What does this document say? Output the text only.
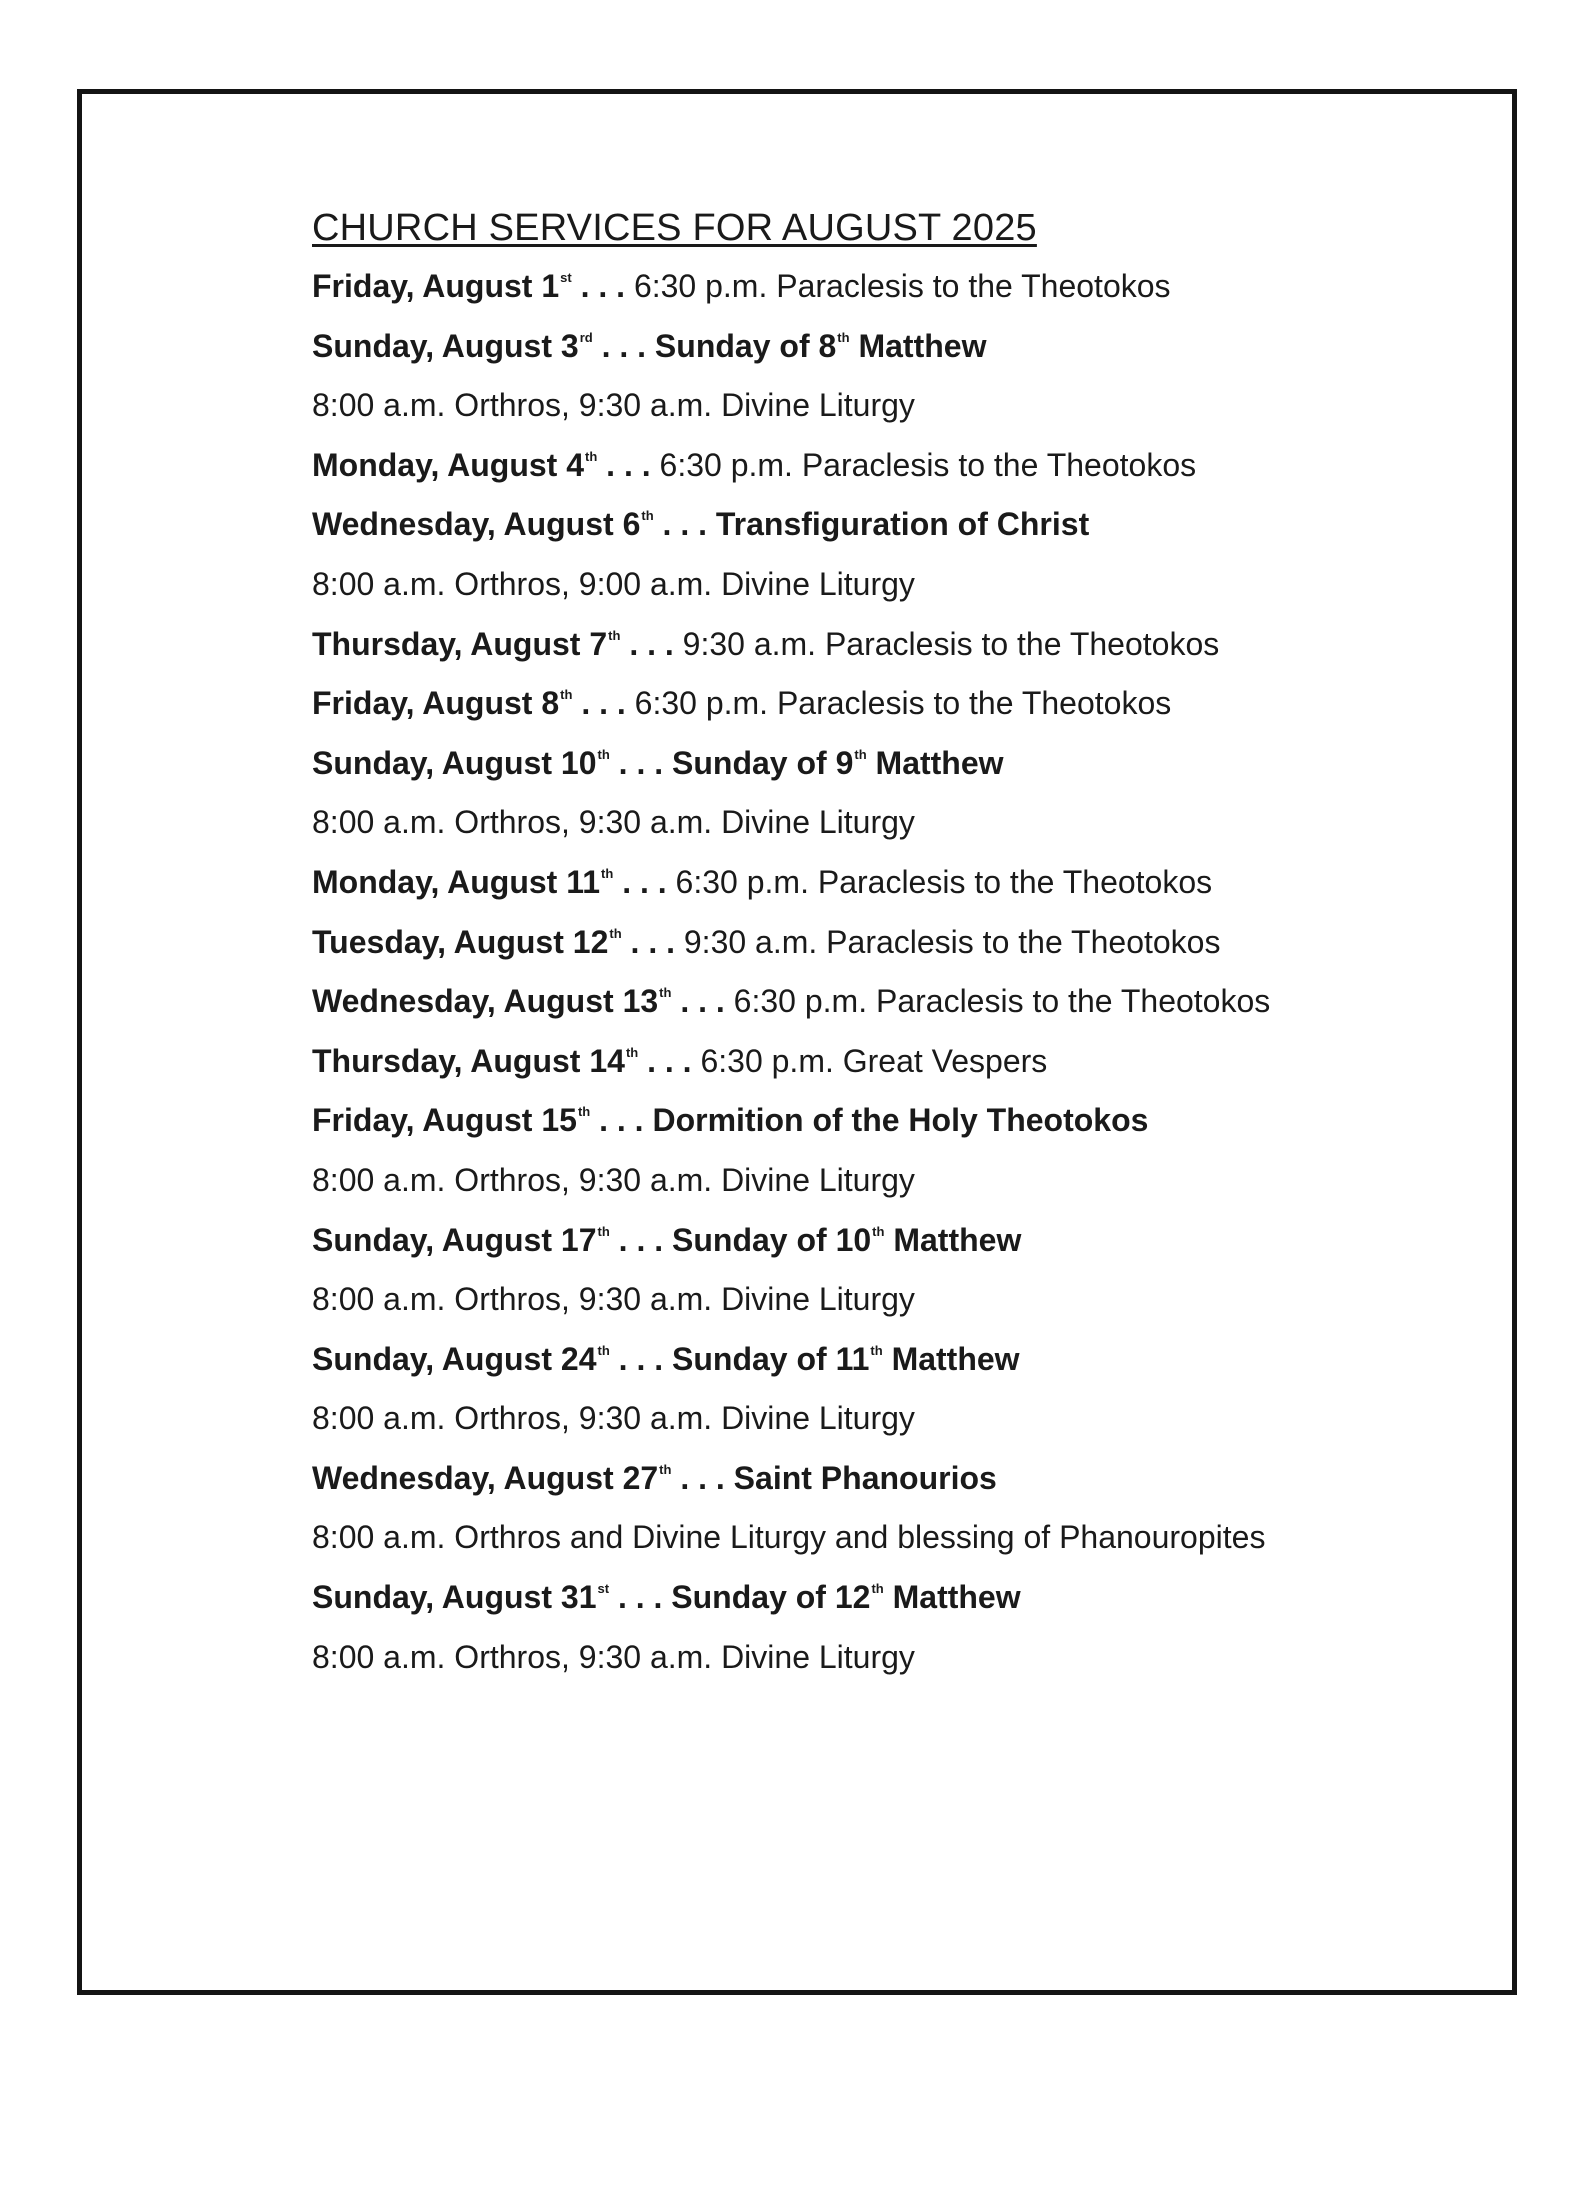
CHURCH SERVICES FOR AUGUST 2025
Friday, August 1st . . . 6:30 p.m. Paraclesis to the Theotokos
Sunday, August 3rd . . . Sunday of 8th Matthew
8:00 a.m. Orthros, 9:30 a.m. Divine Liturgy
Monday, August 4th . . . 6:30 p.m. Paraclesis to the Theotokos
Wednesday, August 6th . . . Transfiguration of Christ
8:00 a.m. Orthros, 9:00 a.m. Divine Liturgy
Thursday, August 7th . . . 9:30 a.m. Paraclesis to the Theotokos
Friday, August 8th . . . 6:30 p.m. Paraclesis to the Theotokos
Sunday, August 10th . . . Sunday of 9th Matthew
8:00 a.m. Orthros, 9:30 a.m. Divine Liturgy
Monday, August 11th . . . 6:30 p.m. Paraclesis to the Theotokos
Tuesday, August 12th . . . 9:30 a.m. Paraclesis to the Theotokos
Wednesday, August 13th . . . 6:30 p.m. Paraclesis to the Theotokos
Thursday, August 14th . . . 6:30 p.m. Great Vespers
Friday, August 15th . . . Dormition of the Holy Theotokos
8:00 a.m. Orthros, 9:30 a.m. Divine Liturgy
Sunday, August 17th . . . Sunday of 10th Matthew
8:00 a.m. Orthros, 9:30 a.m. Divine Liturgy
Sunday, August 24th . . . Sunday of 11th Matthew
8:00 a.m. Orthros, 9:30 a.m. Divine Liturgy
Wednesday, August 27th . . . Saint Phanourios
8:00 a.m. Orthros and Divine Liturgy and blessing of Phanouropites
Sunday, August 31st . . . Sunday of 12th Matthew
8:00 a.m. Orthros, 9:30 a.m. Divine Liturgy
